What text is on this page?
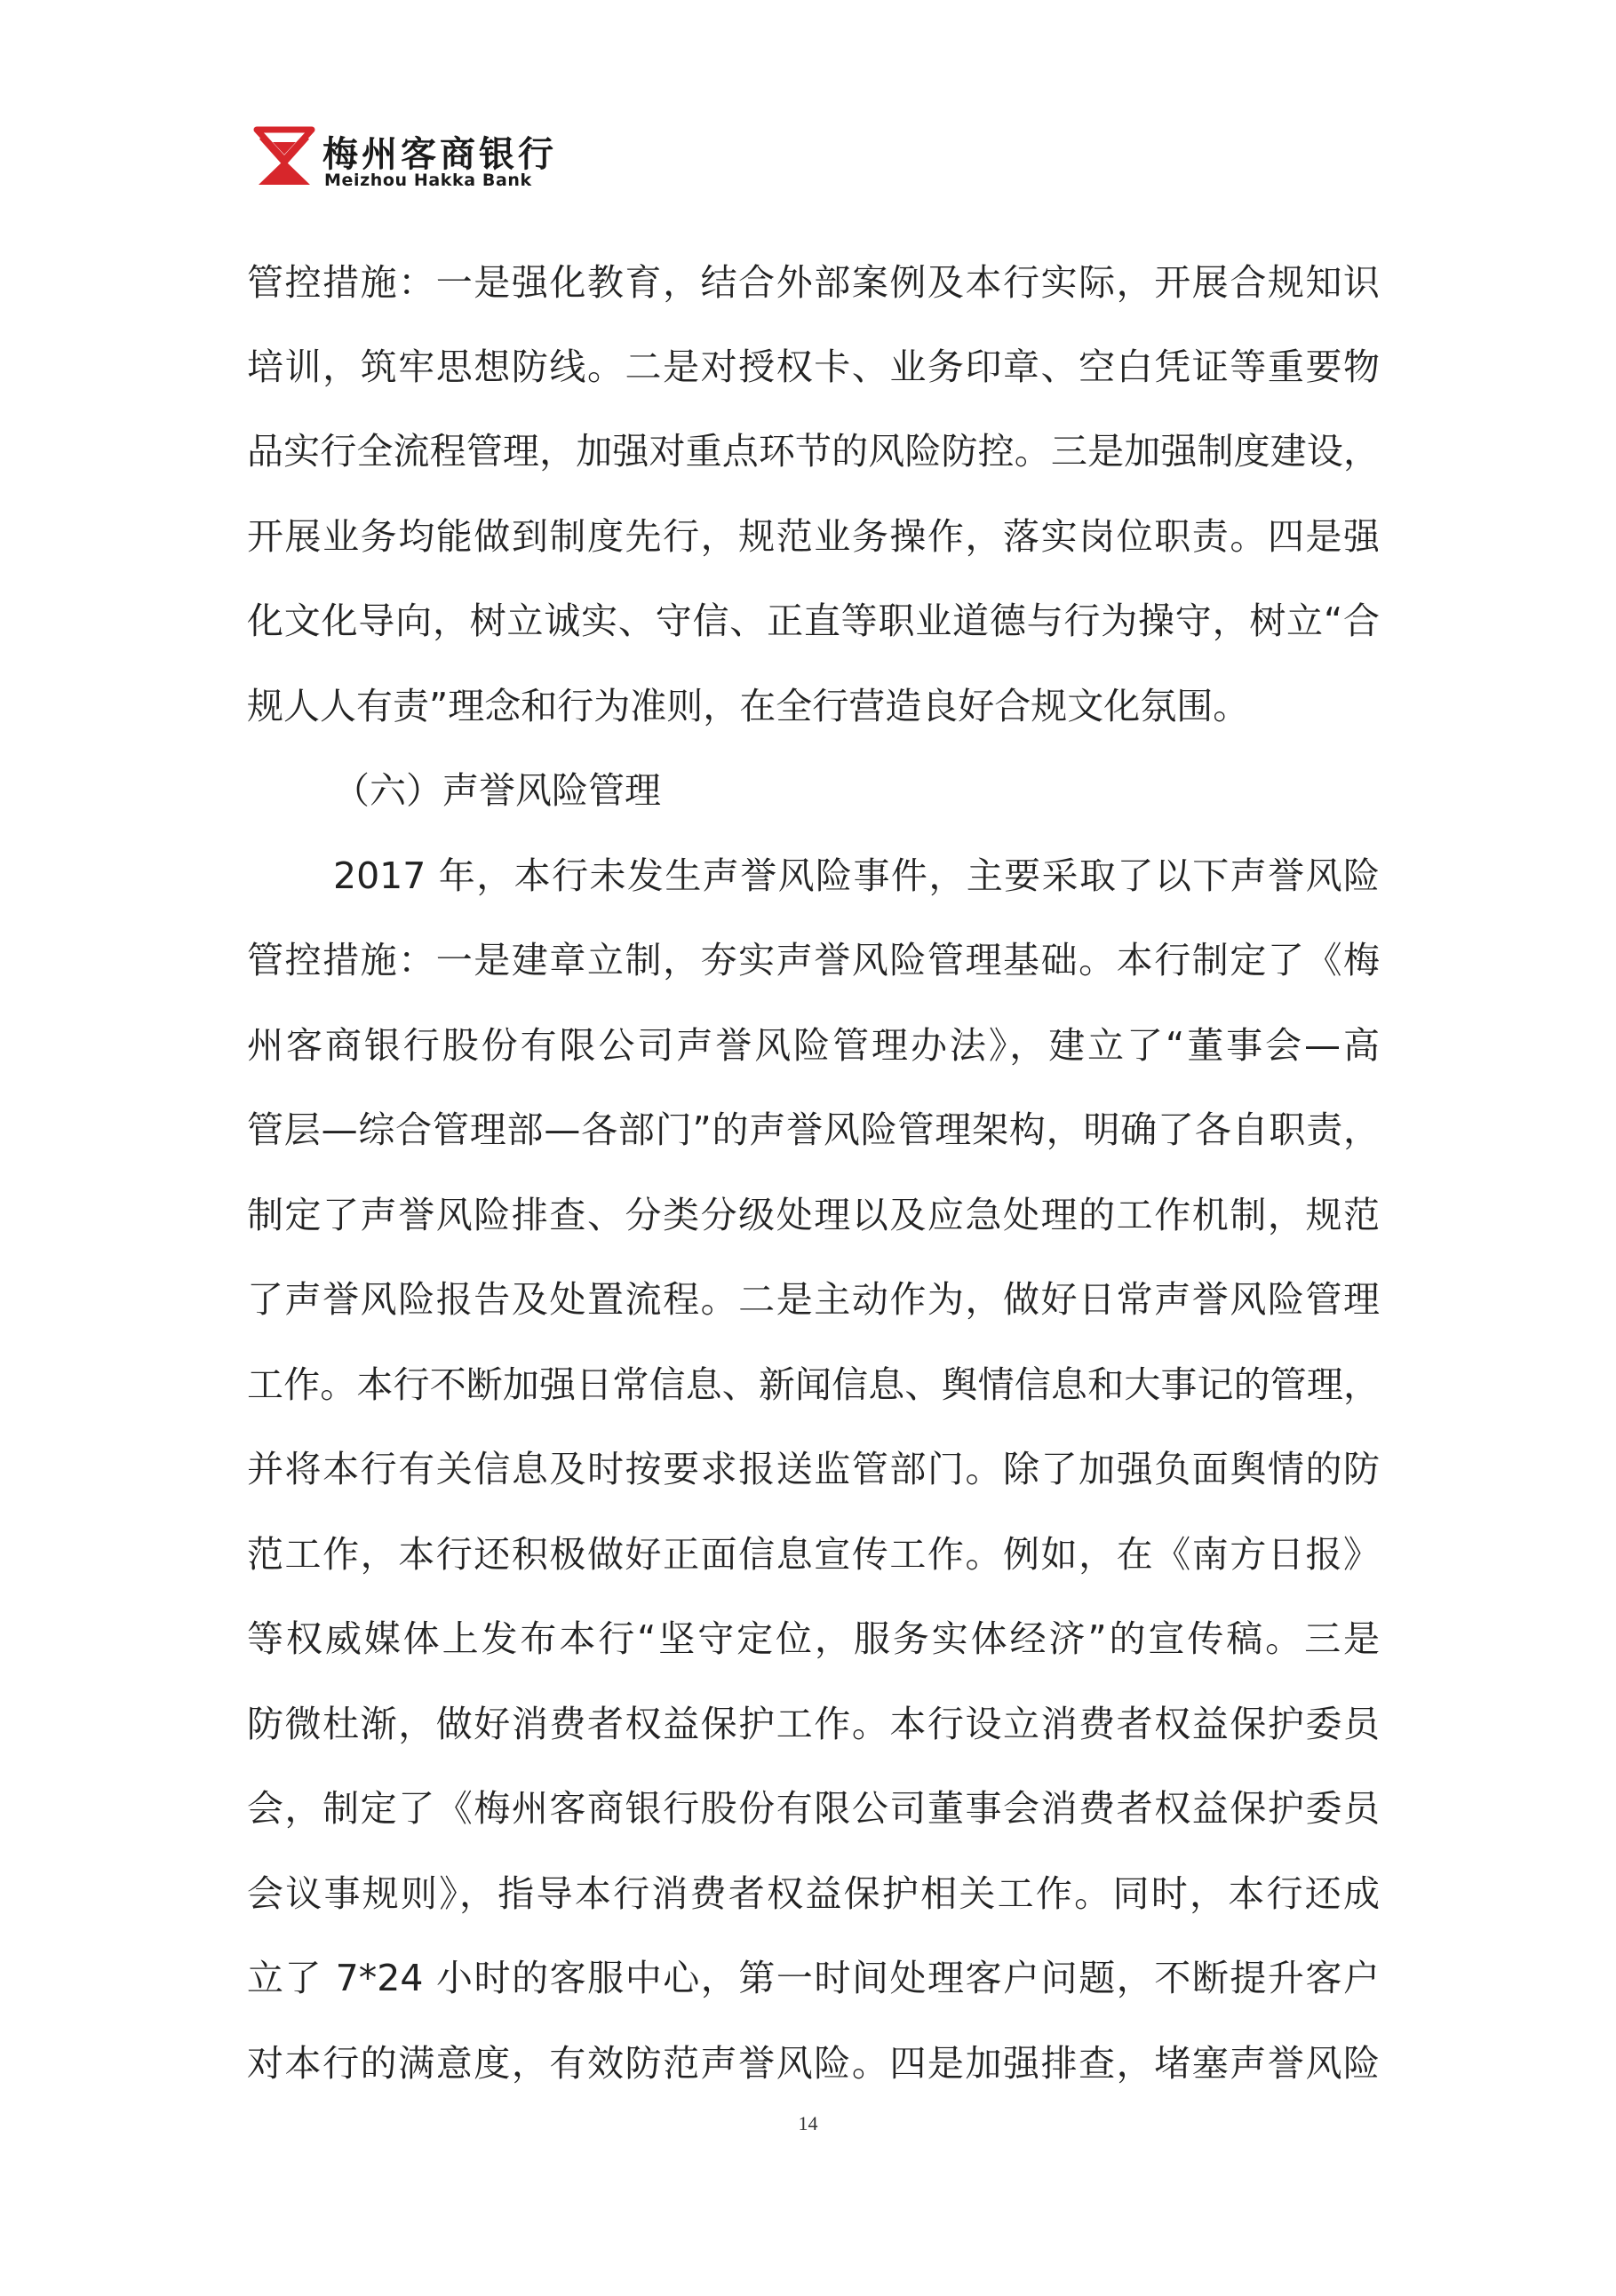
梅州客商银行
Meizhou Hakka Bank
管控措施：一是强化教育，结合外部案例及本行实际，开展合规知识
培训，筑牢思想防线。二是对授权卡、业务印章、空白凭证等重要物
品实行全流程管理，加强对重点环节的风险防控。三是加强制度建设，
开展业务均能做到制度先行，规范业务操作，落实岗位职责。四是强
化文化导向，树立诚实、守信、正直等职业道德与行为操守，树立“合
规人人有责”理念和行为准则，在全行营造良好合规文化氛围。
（六）声誉风险管理
2017 年，本行未发生声誉风险事件，主要采取了以下声誉风险
管控措施：一是建章立制，夯实声誉风险管理基础。本行制定了《梅
州客商银行股份有限公司声誉风险管理办法》，建立了“董事会—高
管层—综合管理部—各部门”的声誉风险管理架构，明确了各自职责，
制定了声誉风险排查、分类分级处理以及应急处理的工作机制，规范
了声誉风险报告及处置流程。二是主动作为，做好日常声誉风险管理
工作。本行不断加强日常信息、新闻信息、舆情信息和大事记的管理，
并将本行有关信息及时按要求报送监管部门。除了加强负面舆情的防
范工作，本行还积极做好正面信息宣传工作。例如，在《南方日报》
等权威媒体上发布本行“坚守定位，服务实体经济”的宣传稿。三是
防微杜渐，做好消费者权益保护工作。本行设立消费者权益保护委员
会，制定了《梅州客商银行股份有限公司董事会消费者权益保护委员
会议事规则》，指导本行消费者权益保护相关工作。同时，本行还成
立了 7*24 小时的客服中心，第一时间处理客户问题，不断提升客户
对本行的满意度，有效防范声誉风险。四是加强排查，堵塞声誉风险
14
